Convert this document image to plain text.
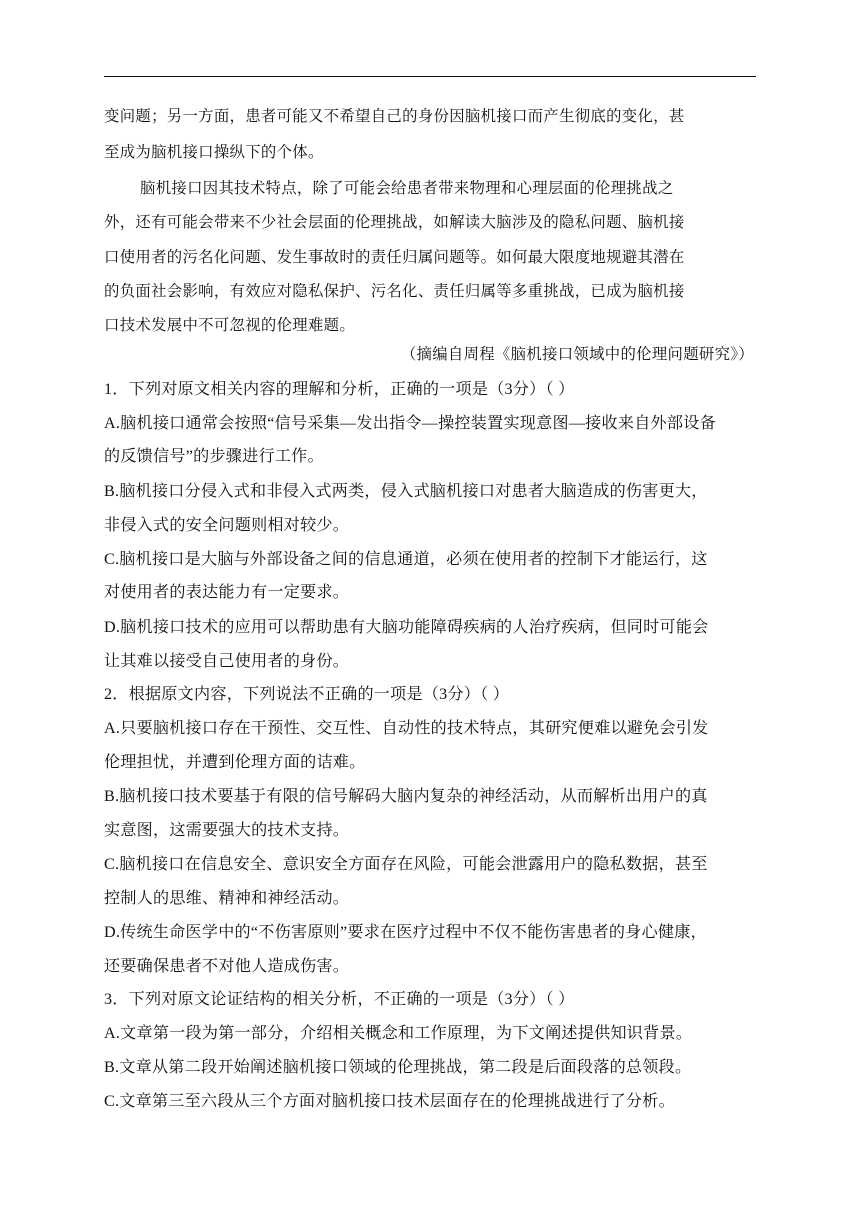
变问题；另一方面，患者可能又不希望自己的身份因脑机接口而产生彻底的变化，甚
至成为脑机接口操纵下的个体。
脑机接口因其技术特点，除了可能会给患者带来物理和心理层面的伦理挑战之
外，还有可能会带来不少社会层面的伦理挑战，如解读大脑涉及的隐私问题、脑机接
口使用者的污名化问题、发生事故时的责任归属问题等。如何最大限度地规避其潜在
的负面社会影响，有效应对隐私保护、污名化、责任归属等多重挑战，已成为脑机接
口技术发展中不可忽视的伦理难题。
（摘编自周程《脑机接口领域中的伦理问题研究》）
1．下列对原文相关内容的理解和分析，正确的一项是（3分）（ ）
A.脑机接口通常会按照“信号采集—发出指令—操控装置实现意图—接收来自外部设备
的反馈信号”的步骤进行工作。
B.脑机接口分侵入式和非侵入式两类，侵入式脑机接口对患者大脑造成的伤害更大，
非侵入式的安全问题则相对较少。
C.脑机接口是大脑与外部设备之间的信息通道，必须在使用者的控制下才能运行，这
对使用者的表达能力有一定要求。
D.脑机接口技术的应用可以帮助患有大脑功能障碍疾病的人治疗疾病，但同时可能会
让其难以接受自己使用者的身份。
2．根据原文内容，下列说法不正确的一项是（3分）（ ）
A.只要脑机接口存在干预性、交互性、自动性的技术特点，其研究便难以避免会引发
伦理担忧，并遭到伦理方面的诘难。
B.脑机接口技术要基于有限的信号解码大脑内复杂的神经活动，从而解析出用户的真
实意图，这需要强大的技术支持。
C.脑机接口在信息安全、意识安全方面存在风险，可能会泄露用户的隐私数据，甚至
控制人的思维、精神和神经活动。
D.传统生命医学中的“不伤害原则”要求在医疗过程中不仅不能伤害患者的身心健康，
还要确保患者不对他人造成伤害。
3．下列对原文论证结构的相关分析，不正确的一项是（3分）（ ）
A.文章第一段为第一部分，介绍相关概念和工作原理，为下文阐述提供知识背景。
B.文章从第二段开始阐述脑机接口领域的伦理挑战，第二段是后面段落的总领段。
C.文章第三至六段从三个方面对脑机接口技术层面存在的伦理挑战进行了分析。
